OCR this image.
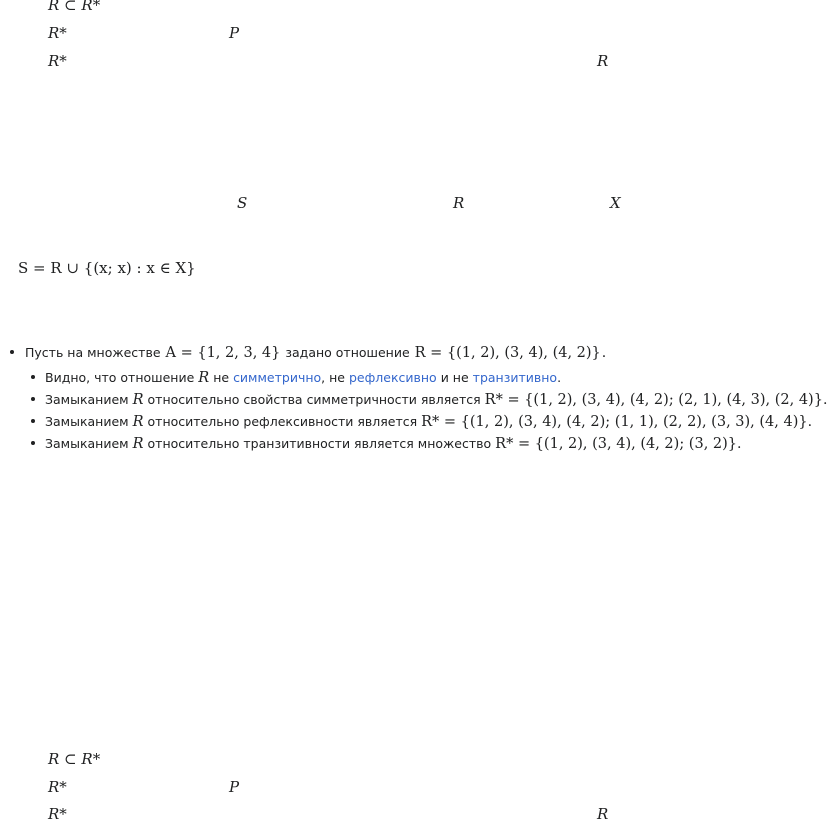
R ⊂ R*
R*	P
R*	R
S	R	X
S = R ∪ {(x; x) : x ∈ X}
Пусть на множестве A = {1, 2, 3, 4} задано отношение R = {(1, 2), (3, 4), (4, 2)} .
Видно, что отношение R не симметрично , не рефлексивно и не транзитивно .
Замыканием R относительно свойства симметричности является R* = {(1, 2), (3, 4), (4, 2); (2, 1), (4, 3), (2, 4)} .
Замыканием R относительно рефлексивности является R* = {(1, 2), (3, 4), (4, 2); (1, 1), (2, 2), (3, 3), (4, 4)} .
Замыканием R относительно транзитивности является множество R* = {(1, 2), (3, 4), (4, 2); (3, 2)} .
R ⊂ R*
R*	P
R*	R
